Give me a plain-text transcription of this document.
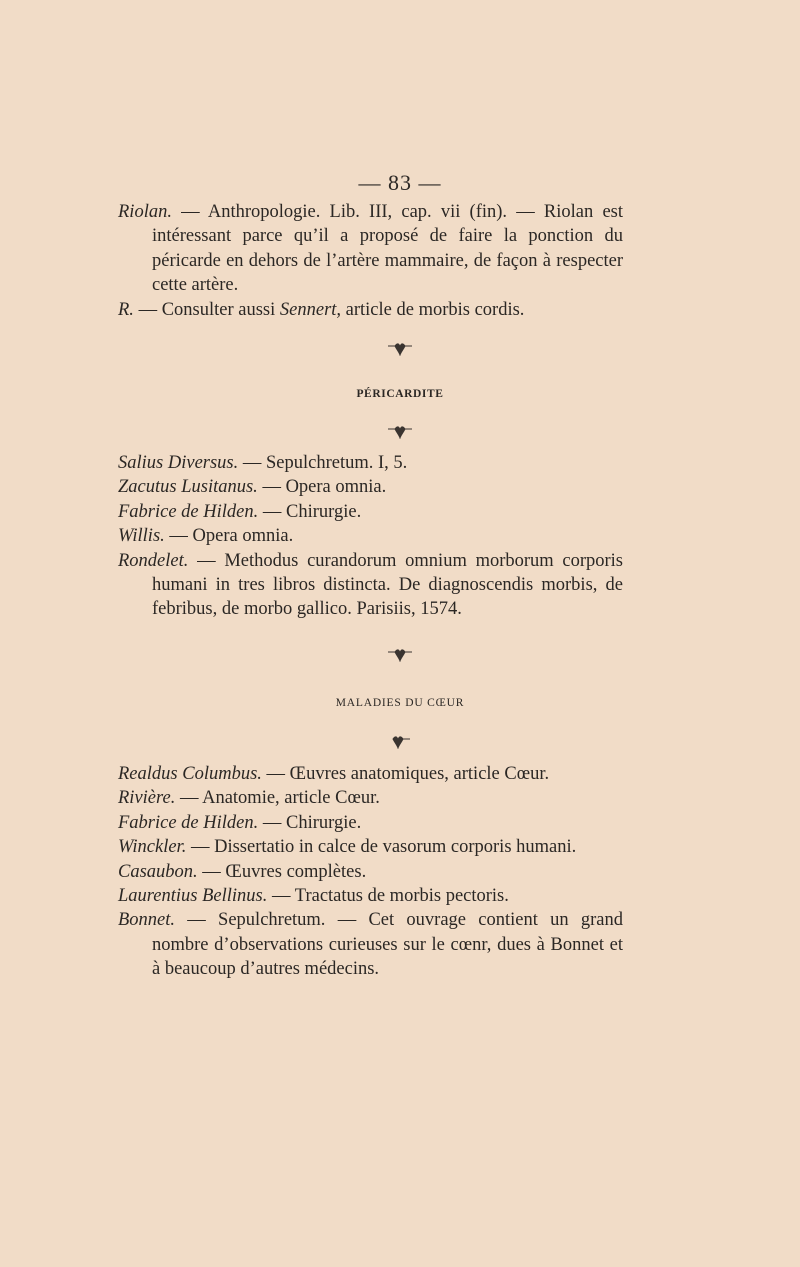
— 83 —
Riolan. — Anthropologie. Lib. III, cap. vii (fin). — Riolan est intéressant parce qu’il a proposé de faire la ponction du péricarde en dehors de l’artère mammaire, de façon à respecter cette artère.
R. — Consulter aussi Sennert, article de morbis cordis.
PÉRICARDITE
Salius Diversus. — Sepulchretum. I, 5.
Zacutus Lusitanus. — Opera omnia.
Fabrice de Hilden. — Chirurgie.
Willis. — Opera omnia.
Rondelet. — Methodus curandorum omnium morborum corporis humani in tres libros distincta. De diagnoscendis morbis, de febribus, de morbo gallico. Parisiis, 1574.
MALADIES DU CŒUR
Realdus Columbus. — Œuvres anatomiques, article Cœur.
Rivière. — Anatomie, article Cœur.
Fabrice de Hilden. — Chirurgie.
Winckler. — Dissertatio in calce de vasorum corporis humani.
Casaubon. — Œuvres complètes.
Laurentius Bellinus. — Tractatus de morbis pectoris.
Bonnet. — Sepulchretum. — Cet ouvrage contient un grand nombre d’observations curieuses sur le cœnr, dues à Bonnet et à beaucoup d’autres médecins.
